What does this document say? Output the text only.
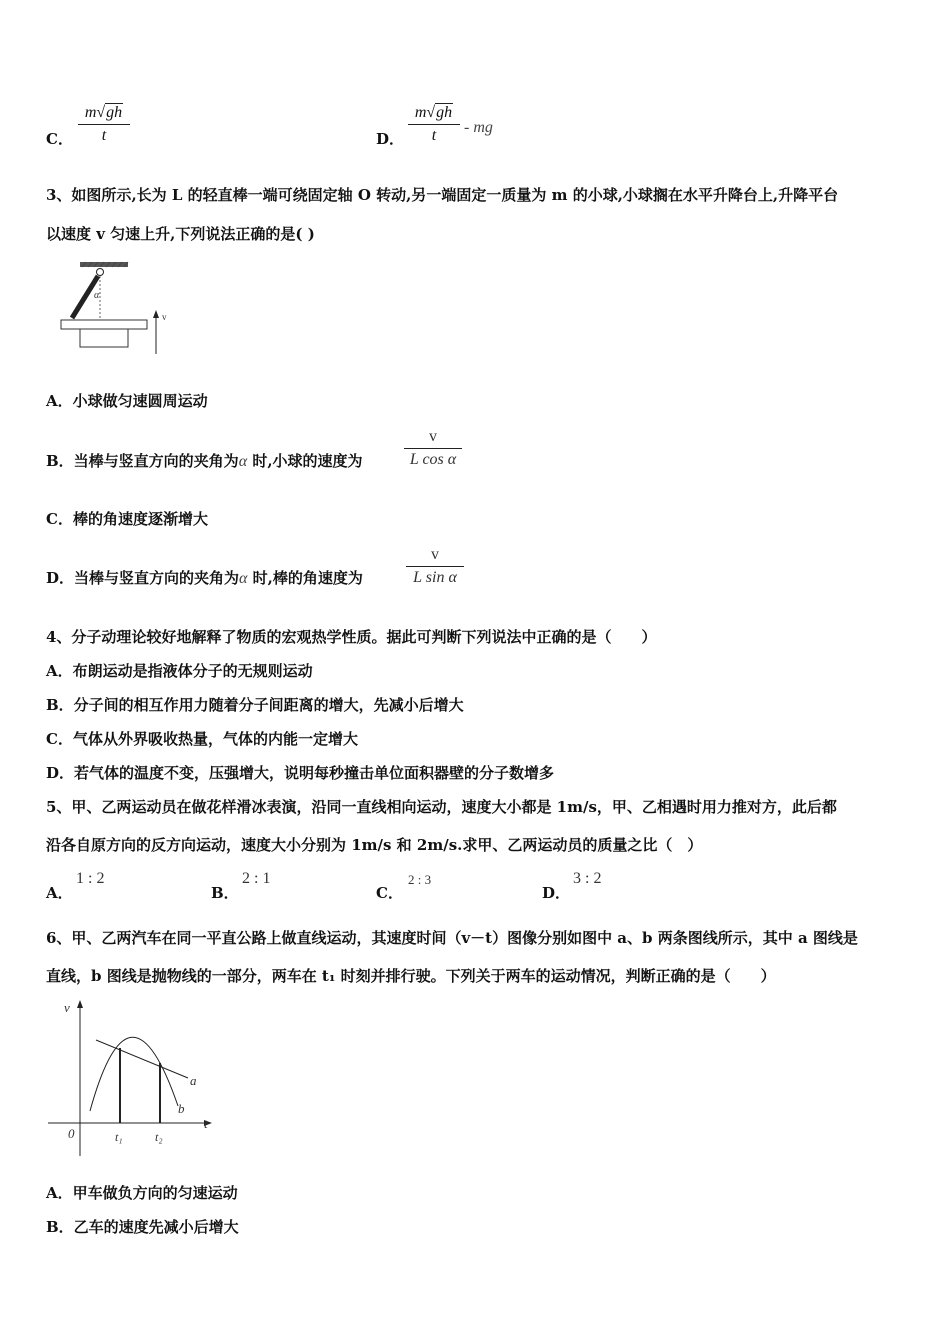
C．
m√gh
t	D．
m√gh
t	- mg
3、如图所示,长为 L 的轻直棒一端可绕固定轴 O 转动,另一端固定一质量为 m 的小球,小球搁在水平升降台上,升降平台
以速度 v 匀速上升,下列说法正确的是( )
α
v
A．小球做匀速圆周运动
B．当棒与竖直方向的夹角为α 时,小球的速度为
v
L cos α
C．棒的角速度逐渐增大
D．当棒与竖直方向的夹角为α 时,棒的角速度为
v
L sin α
4、分子动理论较好地解释了物质的宏观热学性质。据此可判断下列说法中正确的是（　　）
A．布朗运动是指液体分子的无规则运动
B．分子间的相互作用力随着分子间距离的增大，先减小后增大
C．气体从外界吸收热量，气体的内能一定增大
D．若气体的温度不变，压强增大，说明每秒撞击单位面积器壁的分子数增多
5、甲、乙两运动员在做花样滑冰表演，沿同一直线相向运动，速度大小都是 1m/s，甲、乙相遇时用力推对方，此后都
沿各自原方向的反方向运动，速度大小分别为 1m/s 和 2m/s.求甲、乙两运动员的质量之比（　）
A．
1 : 2
B．
2 : 1
C．
2 : 3
D．
3 : 2
6、甲、乙两汽车在同一平直公路上做直线运动，其速度时间（v－t）图像分别如图中 a、b 两条图线所示，其中 a 图线是
直线，b 图线是抛物线的一部分，两车在 t₁ 时刻并排行驶。下列关于两车的运动情况，判断正确的是（　　）
v
t
0
a
b
t₁	t₂
A．甲车做负方向的匀速运动
B．乙车的速度先减小后增大
